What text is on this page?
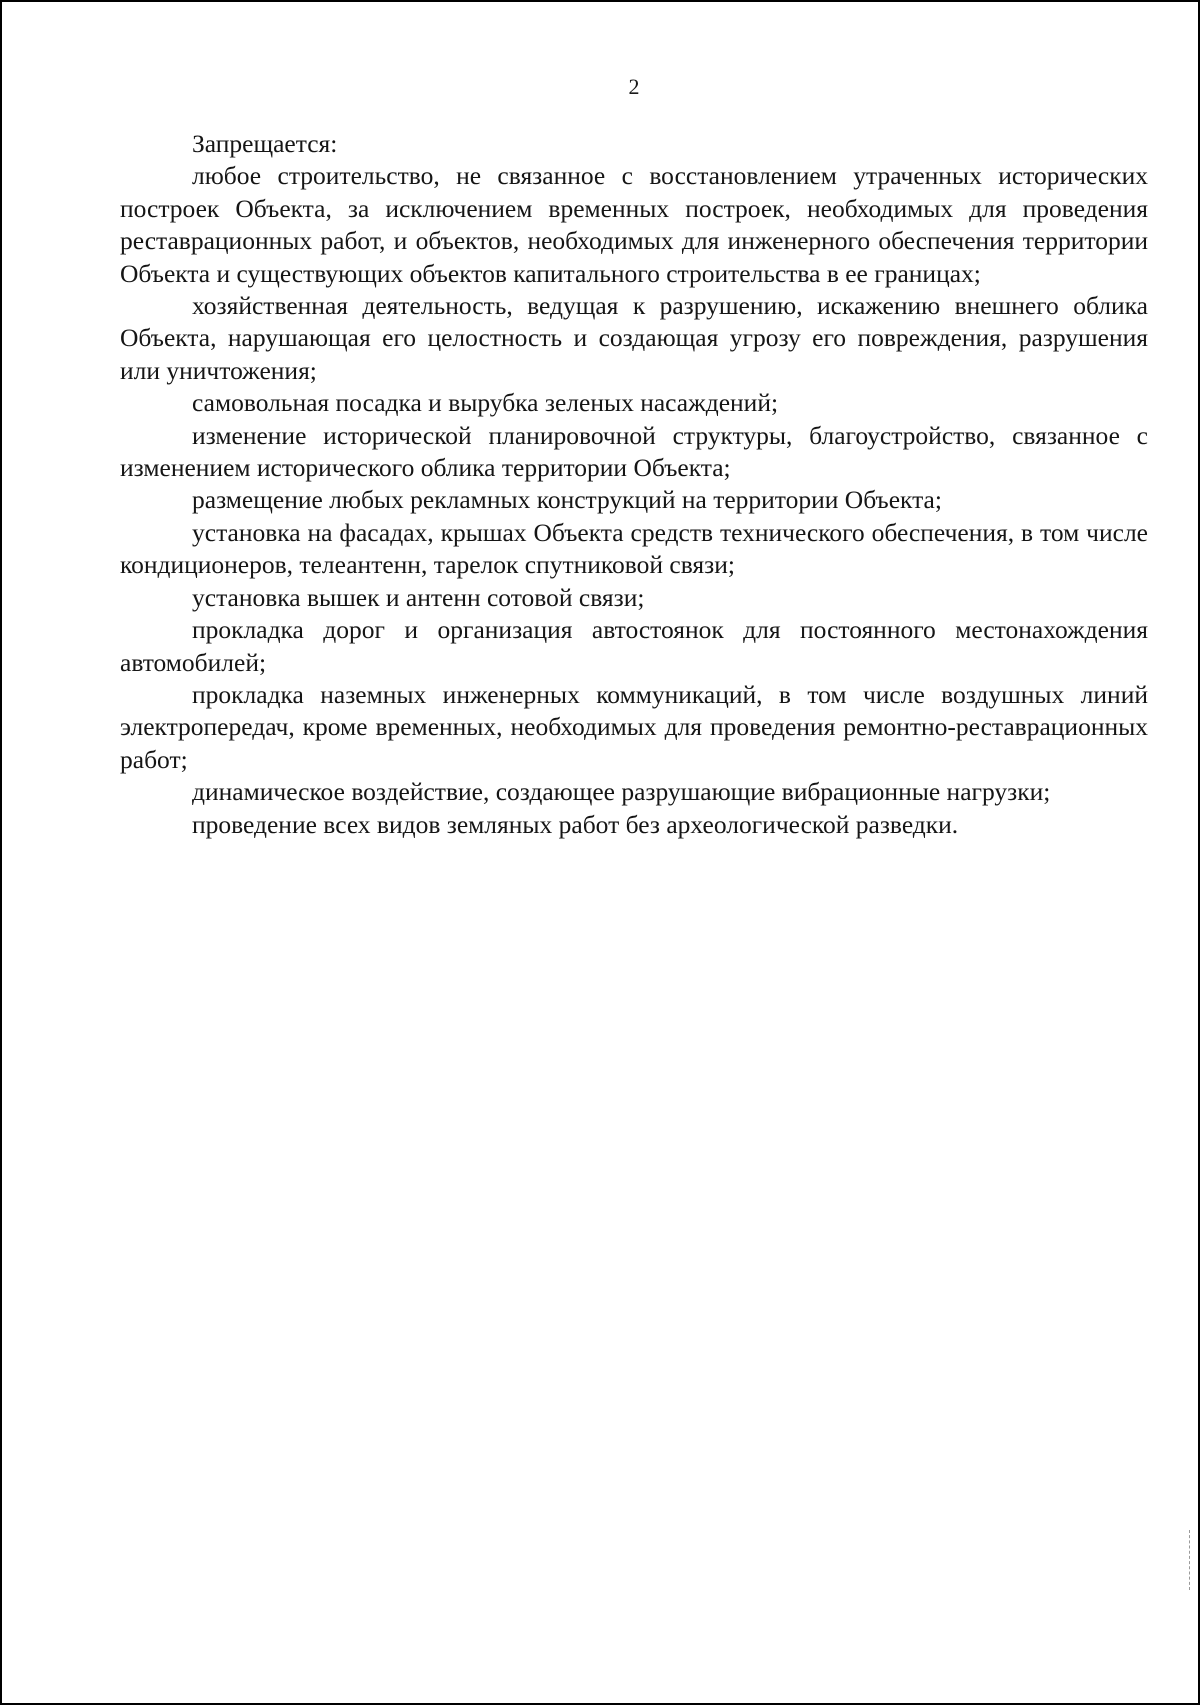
2

Запрещается:

любое строительство, не связанное с восстановлением утраченных исторических построек Объекта, за исключением временных построек, необходимых для проведения реставрационных работ, и объектов, необходимых для инженерного обеспечения территории Объекта и существующих объектов капитального строительства в ее границах;

хозяйственная деятельность, ведущая к разрушению, искажению внешнего облика Объекта, нарушающая его целостность и создающая угрозу его повреждения, разрушения или уничтожения;

самовольная посадка и вырубка зеленых насаждений;

изменение исторической планировочной структуры, благоустройство, связанное с изменением исторического облика территории Объекта;

размещение любых рекламных конструкций на территории Объекта;

установка на фасадах, крышах Объекта средств технического обеспечения, в том числе кондиционеров, телеантенн, тарелок спутниковой связи;

установка вышек и антенн сотовой связи;

прокладка дорог и организация автостоянок для постоянного местонахождения автомобилей;

прокладка наземных инженерных коммуникаций, в том числе воздушных линий электропередач, кроме временных, необходимых для проведения ремонтно-реставрационных работ;

динамическое воздействие, создающее разрушающие вибрационные нагрузки;

проведение всех видов земляных работ без археологической разведки.
